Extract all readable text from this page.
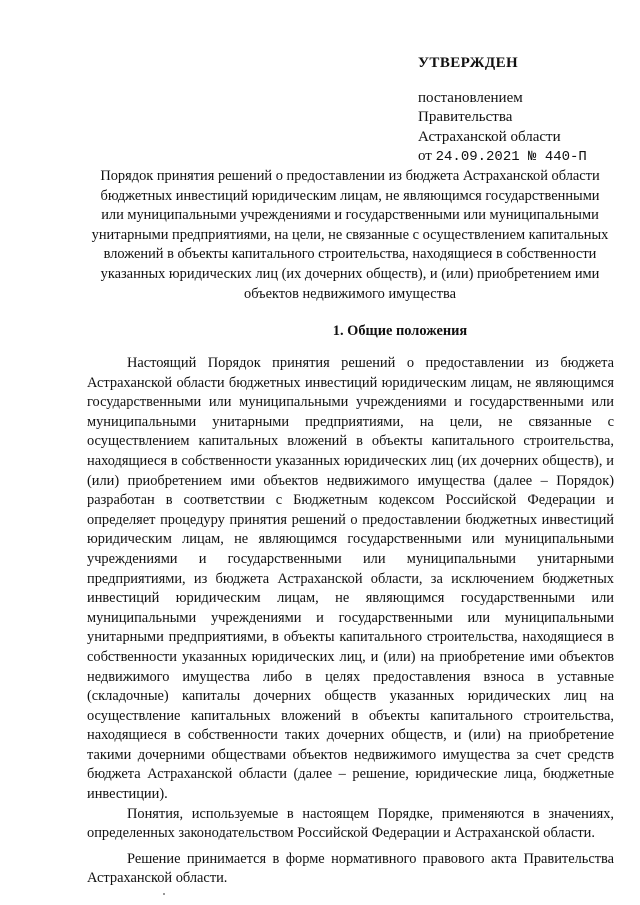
УТВЕРЖДЕН
постановлением
Правительства
Астраханской области
от 24.09.2021 № 440-П
Порядок принятия решений о предоставлении из бюджета Астраханской области бюджетных инвестиций юридическим лицам, не являющимся государственными или муниципальными учреждениями и государственными или муниципальными унитарными предприятиями, на цели, не связанные с осуществлением капитальных вложений в объекты капитального строительства, находящиеся в собственности указанных юридических лиц (их дочерних обществ), и (или) приобретением ими объектов недвижимого имущества
1. Общие положения

Настоящий Порядок принятия решений о предоставлении из бюджета Астраханской области бюджетных инвестиций юридическим лицам, не являющимся государственными или муниципальными учреждениями и государственными или муниципальными унитарными предприятиями, на цели, не связанные с осуществлением капитальных вложений в объекты капитального строительства, находящиеся в собственности указанных юридических лиц (их дочерних обществ), и (или) приобретением ими объектов недвижимого имущества (далее – Порядок) разработан в соответствии с Бюджетным кодексом Российской Федерации и определяет процедуру принятия решений о предоставлении бюджетных инвестиций юридическим лицам, не являющимся государственными или муниципальными учреждениями и государственными или муниципальными унитарными предприятиями, из бюджета Астраханской области, за исключением бюджетных инвестиций юридическим лицам, не являющимся государственными или муниципальными учреждениями и государственными или муниципальными унитарными предприятиями, в объекты капитального строительства, находящиеся в собственности указанных юридических лиц, и (или) на приобретение ими объектов недвижимого имущества либо в целях предоставления взноса в уставные (складочные) капиталы дочерних обществ указанных юридических лиц на осуществление капитальных вложений в объекты капитального строительства, находящиеся в собственности таких дочерних обществ, и (или) на приобретение такими дочерними обществами объектов недвижимого имущества за счет средств бюджета Астраханской области (далее – решение, юридические лица, бюджетные инвестиции).

Понятия, используемые в настоящем Порядке, применяются в значениях, определенных законодательством Российской Федерации и Астраханской области.

Решение принимается в форме нормативного правового акта Правительства Астраханской области.
